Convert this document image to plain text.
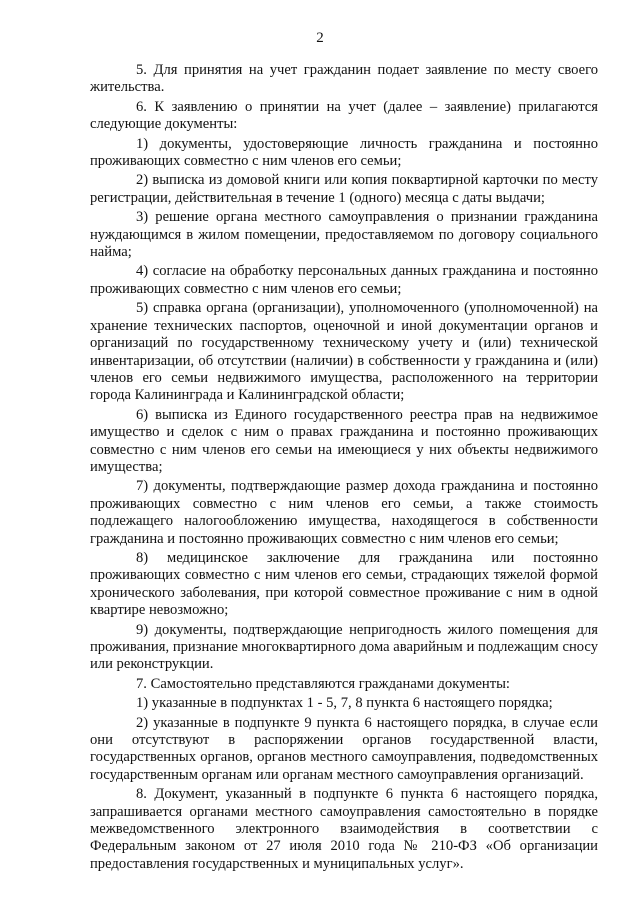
2

5. Для принятия на учет гражданин подает заявление по месту своего жительства.

6. К заявлению о принятии на учет (далее – заявление) прилагаются следующие документы:

1) документы, удостоверяющие личность гражданина и постоянно проживающих совместно с ним членов его семьи;

2) выписка из домовой книги или копия поквартирной карточки по месту регистрации, действительная в течение 1 (одного) месяца с даты выдачи;

3) решение органа местного самоуправления о признании гражданина нуждающимся в жилом помещении, предоставляемом по договору социального найма;

4) согласие на обработку персональных данных гражданина и постоянно проживающих совместно с ним членов его семьи;

5) справка органа (организации), уполномоченного (уполномоченной) на хранение технических паспортов, оценочной и иной документации органов и организаций по государственному техническому учету и (или) технической инвентаризации, об отсутствии (наличии) в собственности у гражданина и (или) членов его семьи недвижимого имущества, расположенного на территории города Калининграда и Калининградской области;

6) выписка из Единого государственного реестра прав на недвижимое имущество и сделок с ним о правах гражданина и постоянно проживающих совместно с ним членов его семьи на имеющиеся у них объекты недвижимого имущества;

7) документы, подтверждающие размер дохода гражданина и постоянно проживающих совместно с ним членов его семьи, а также стоимость подлежащего налогообложению имущества, находящегося в собственности гражданина и постоянно проживающих совместно с ним членов его семьи;

8) медицинское заключение для гражданина или постоянно проживающих совместно с ним членов его семьи, страдающих тяжелой формой хронического заболевания, при которой совместное проживание с ним в одной квартире невозможно;

9) документы, подтверждающие непригодность жилого помещения для проживания, признание многоквартирного дома аварийным и подлежащим сносу или реконструкции.

7. Самостоятельно представляются гражданами документы:

1) указанные в подпунктах 1 - 5, 7, 8 пункта 6 настоящего порядка;

2) указанные в подпункте 9 пункта 6 настоящего порядка, в случае если они отсутствуют в распоряжении органов государственной власти, государственных органов, органов местного самоуправления, подведомственных государственным органам или органам местного самоуправления организаций.

8. Документ, указанный в подпункте 6 пункта 6 настоящего порядка, запрашивается органами местного самоуправления самостоятельно в порядке межведомственного электронного взаимодействия в соответствии с Федеральным законом от 27 июля 2010 года № 210-ФЗ «Об организации предоставления государственных и муниципальных услуг».
